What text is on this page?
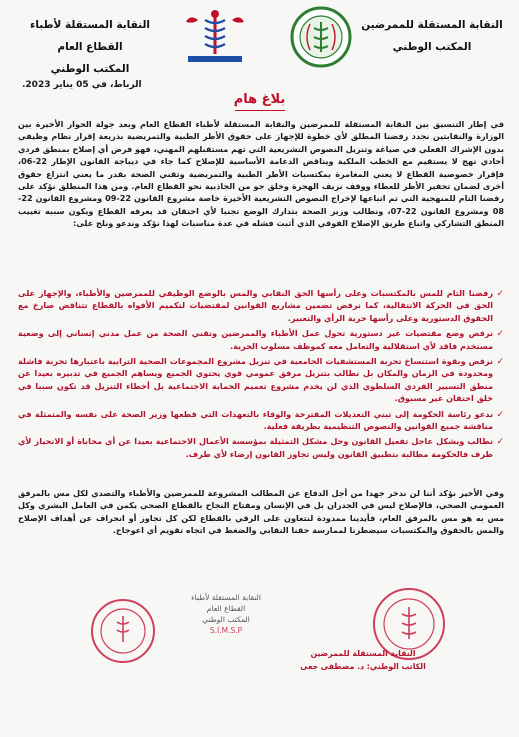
النقابة المستقلة للممرضين
المكتب الوطني
النقابة المستقلة لأطباء القطاع العام
المكتب الوطني
الرباط، في 05 يناير 2023.
بلاغ هام

في إطار التنسيق بين النقابة المستقلة للممرضين والنقابة المستقلة لأطباء القطاع العام وبعد جولة الحوار الأخيرة بين الوزارة والنقابتين نجدد رفضنا المطلق لأي خطوة للإجهاز على حقوق الأطر الطبية والتمريضية بذريعة إقرار نظام وظيفي بدون الإشراك الفعلي في صياغة وتنزيل النصوص التشريعية التي تهم مستقبلهم المهني، فهو فرض أي إصلاح بمنطق فردي أحادي نهج لا يستقيم مع الخطب الملكية ويناقض الدعامة الأساسية للإصلاح كما جاء في ديباجة القانون الإطار 22-06، فإقرار خصوصية القطاع لا يعني المغامرة بمكتسبات الأطر الطبية والتمريضية وتقني الصحة بقدر ما يعني انتزاع حقوق أخرى لضمان تحفيز الأطر للعطاء ووقف نزيف الهجرة وخلق جو من الجاذبية نحو القطاع العام. ومن هذا المنطلق نؤكد على رفضنا التام للمنهجية التي تم اتباعها لإخراج النصوص التشريعية الأخيرة خاصة مشروع القانون 22-09 ومشروع القانون 22-08 ومشروع القانون 22-07، ونطالب وزير الصحة بتدارك الوضع تجنبا لأي احتقان قد يعرفه القطاع ويكون سببه تغييب المنطق التشاركي واتباع طريق الإصلاح الفوقي الذي أثبت فشله في عدة مناسبات لهذا نؤكد وندعو ونلح على:

✓
رفضنا التام للمس بالمكتسبات وعلى رأسها الحق النقابي والمس بالوضع الوظيفي للممرضين والأطباء، والإجهاز على الحق في الحركة الانتقالية، كما نرفض تضمين مشاريع القوانين لمقتضيات لتكميم الأفواه بالقطاع تتناقض صارخ مع الحقوق الدستورية وعلى رأسها حرية الرأي والتعبير.
✓
نرفض وضع مقتضيات غير دستورية تحول عمل الأطباء والممرضين وتقني الصحة من عمل مدني إنساني إلى وضعية مستخدم فاقد لأي استقلالية والتعامل معه كموظف مسلوب الحرية.
✓
نرفض وبقوة استنساخ تجربة المستشفيات الجامعية في تنزيل مشروع المجموعات الصحية الترابية باعتبارها تجربة فاشلة ومحدودة في الزمان والمكان بل نطالب بتنزيل مرفق عمومي قوي يحتوي الجميع ويساهم الجميع في تدبيره بعيدا عن منطق التسيير الفردي السلطوي الذي لن يخدم مشروع تعميم الحماية الاجتماعية بل أخطاء التنزيل قد تكون سببا في خلق احتقان غير مسبوق.
✓
ندعو رئاسة الحكومة إلى تبني التعديلات المقترحة والوفاء بالتعهدات التي قطعها وزير الصحة على نفسه والمتمثلة في مناقشة جميع القوانين والنصوص التنظيمية بطريقة فعلية.
✓
نطالب ويشكل عاجل تفعيل القانون وحل مشكل التمثيلة بمؤسسة الأعمال الاجتماعية بعيدا عن أي محاباة أو الانحياز لأي طرف فالحكومة مطالبة بتطبيق القانون وليس تجاوز القانون إرضاء لأي طرف.

وفي الأخير نؤكد أننا لن ندخر جهدا من أجل الدفاع عن المطالب المشروعة للممرضين والأطباء والتصدي لكل مس بالمرفق العمومي الصحي، فالإصلاح ليس في الجدران بل في الإنسان ومفتاح النجاح بالقطاع الصحي يكمن في العامل البشري وكل مس به هو مس بالمرفق العام، فأيدينا ممدودة لنتعاون على الرقي بالقطاع لكن كل تجاوز أو انحراف عن أهداف الإصلاح والمس بالحقوق والمكتسبات سيضطرنا لممارسة حقنا النقابي والضغط في اتجاه تقويم أي اعوجاج.

النقابة المستقلة لأطباء القطاع العام
المكتب الوطني
S.I.M.S.P
النقابة المستقلة للممرضين
الكاتب الوطني: د. مصطفى جعى
